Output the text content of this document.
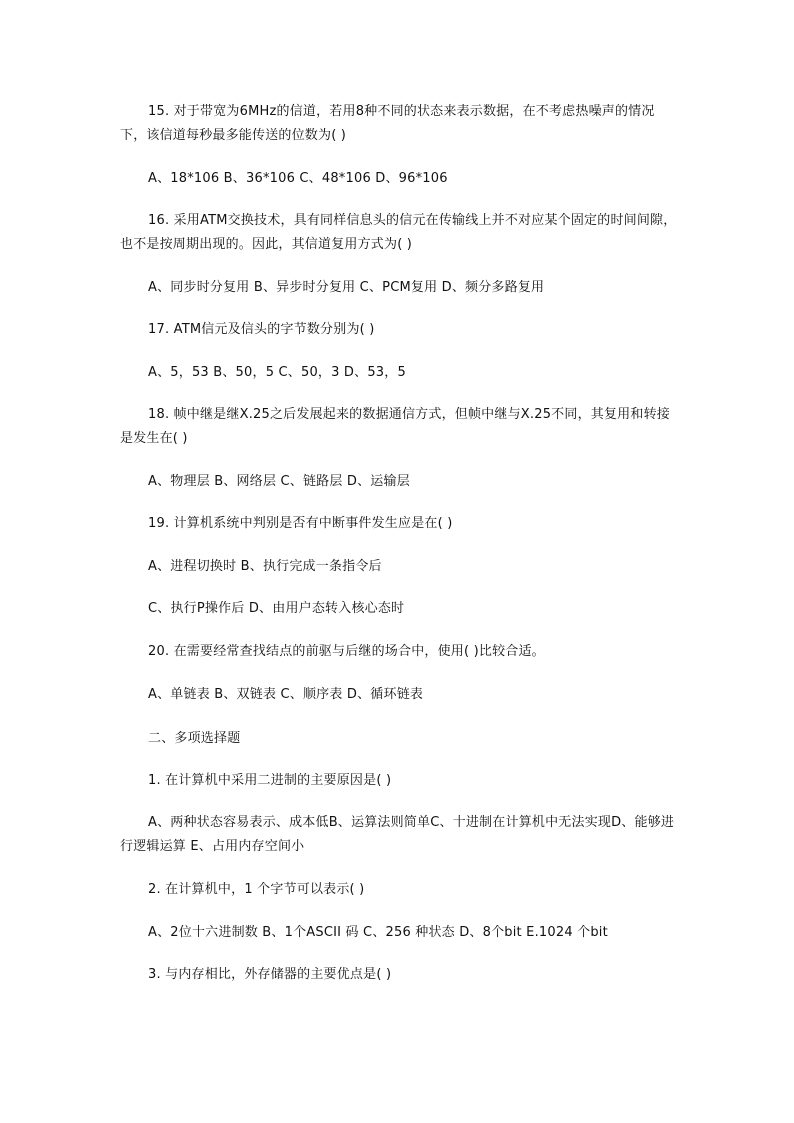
15. 对于带宽为6MHz的信道，若用8种不同的状态来表示数据，在不考虑热噪声的情况下，该信道每秒最多能传送的位数为( )

A、18*106 B、36*106 C、48*106 D、96*106

16. 采用ATM交换技术，具有同样信息头的信元在传输线上并不对应某个固定的时间间隙，也不是按周期出现的。因此，其信道复用方式为( )

A、同步时分复用 B、异步时分复用 C、PCM复用 D、频分多路复用

17. ATM信元及信头的字节数分别为( )

A、5，53 B、50，5 C、50，3 D、53，5

18. 帧中继是继X.25之后发展起来的数据通信方式，但帧中继与X.25不同，其复用和转接是发生在( )

A、物理层 B、网络层 C、链路层 D、运输层

19. 计算机系统中判别是否有中断事件发生应是在( )

A、进程切换时 B、执行完成一条指令后

C、执行P操作后 D、由用户态转入核心态时

20. 在需要经常查找结点的前驱与后继的场合中，使用( )比较合适。

A、单链表 B、双链表 C、顺序表 D、循环链表

二、多项选择题

1. 在计算机中采用二进制的主要原因是( )

A、两种状态容易表示、成本低B、运算法则简单C、十进制在计算机中无法实现D、能够进行逻辑运算 E、占用内存空间小

2. 在计算机中，1 个字节可以表示( )

A、2位十六进制数 B、1个ASCII 码 C、256 种状态 D、8个bit E.1024 个bit

3. 与内存相比，外存储器的主要优点是( )
